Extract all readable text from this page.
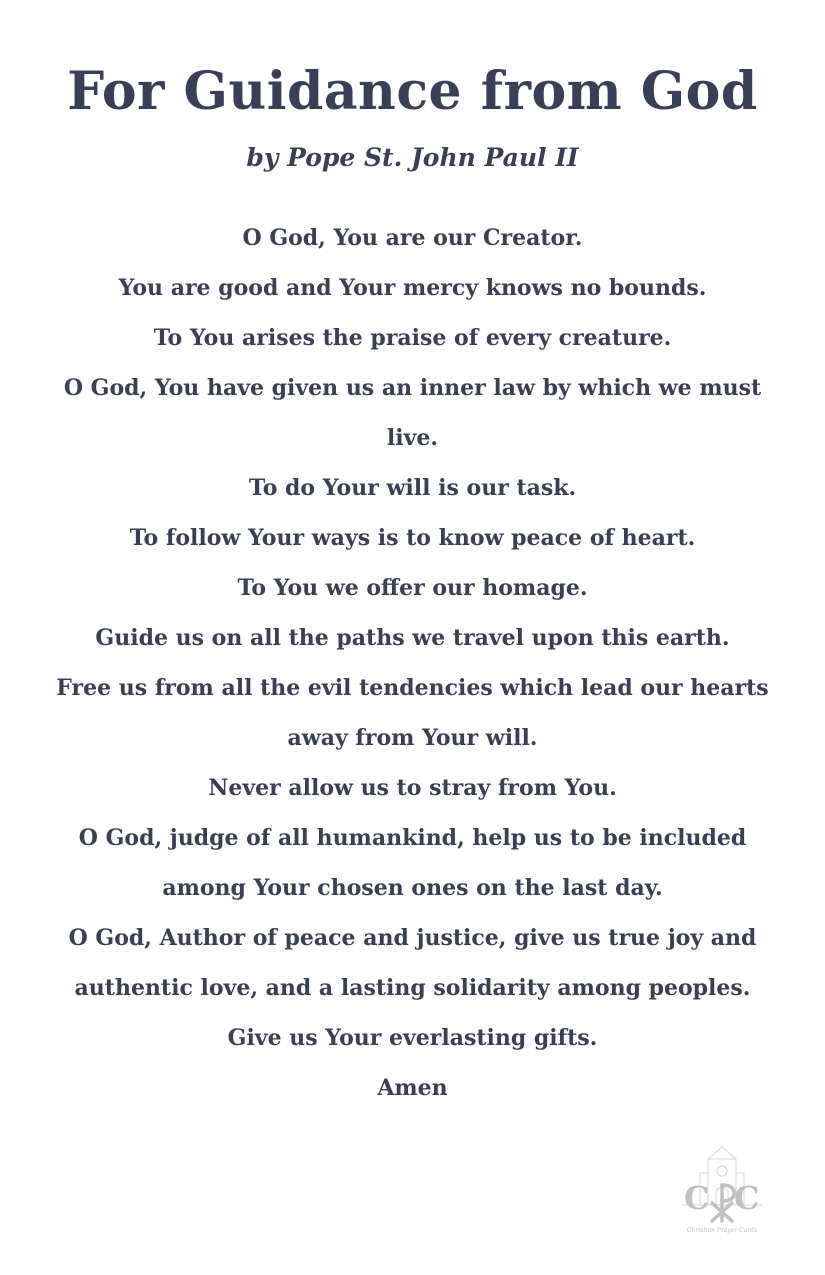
For Guidance from God
by Pope St. John Paul II
O God, You are our Creator.
You are good and Your mercy knows no bounds.
To You arises the praise of every creature.
O God, You have given us an inner law by which we must live.
To do Your will is our task.
To follow Your ways is to know peace of heart.
To You we offer our homage.
Guide us on all the paths we travel upon this earth.
Free us from all the evil tendencies which lead our hearts away from Your will.
Never allow us to stray from You.
O God, judge of all humankind, help us to be included among Your chosen ones on the last day.
O God, Author of peace and justice, give us true joy and authentic love, and a lasting solidarity among peoples.
Give us Your everlasting gifts.
Amen
C C
Christian Prayer Cards
